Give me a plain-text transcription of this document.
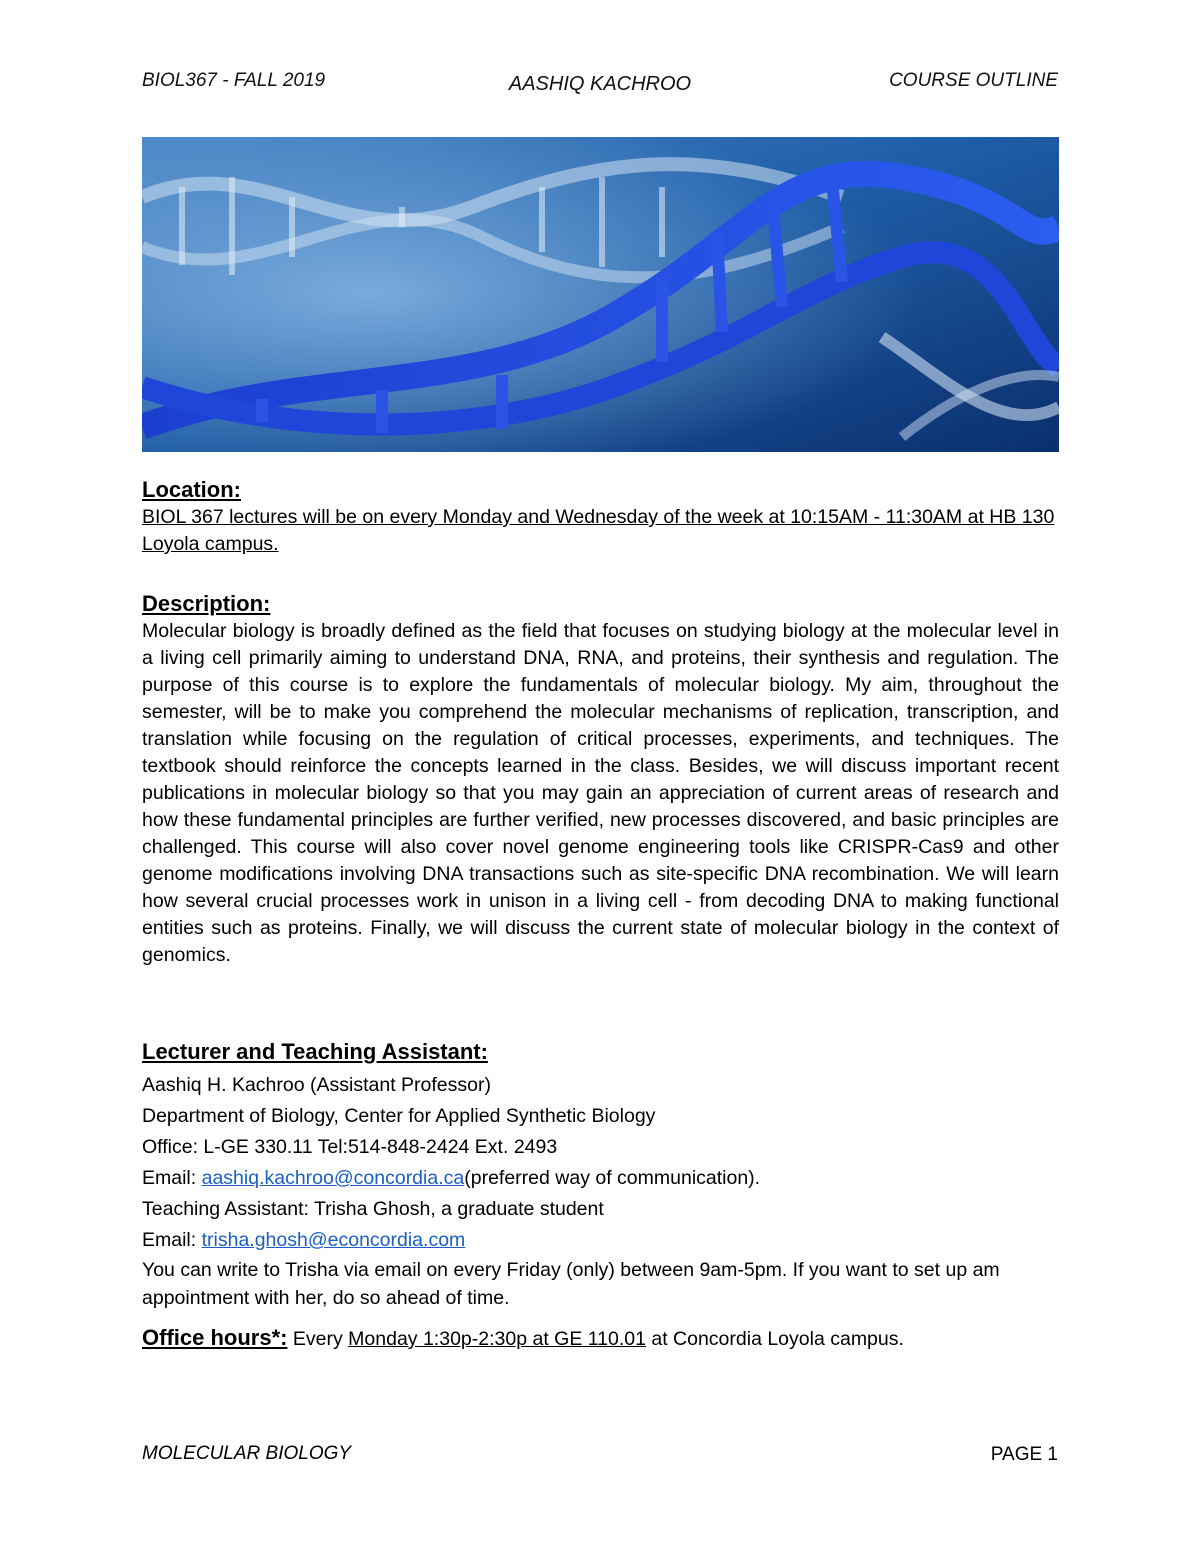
BIOL367 - FALL 2019	AASHIQ KACHROO	COURSE OUTLINE
Location:
BIOL 367 lectures will be on every Monday and Wednesday of the week at 10:15AM - 11:30AM at HB 130 Loyola campus.
Description:
Molecular biology is broadly defined as the field that focuses on studying biology at the molecular level in a living cell primarily aiming to understand DNA, RNA, and proteins, their synthesis and regulation. The purpose of this course is to explore the fundamentals of molecular biology. My aim, throughout the semester, will be to make you comprehend the molecular mechanisms of replication, transcription, and translation while focusing on the regulation of critical processes, experiments, and techniques. The textbook should reinforce the concepts learned in the class. Besides, we will discuss important recent publications in molecular biology so that you may gain an appreciation of current areas of research and how these fundamental principles are further verified, new processes discovered, and basic principles are challenged. This course will also cover novel genome engineering tools like CRISPR-Cas9 and other genome modifications involving DNA transactions such as site-specific DNA recombination. We will learn how several crucial processes work in unison in a living cell - from decoding DNA to making functional entities such as proteins. Finally, we will discuss the current state of molecular biology in the context of genomics.
Lecturer and Teaching Assistant:
Aashiq H. Kachroo (Assistant Professor)
Department of Biology, Center for Applied Synthetic Biology
Office: L-GE 330.11 Tel:514-848-2424 Ext. 2493
Email: aashiq.kachroo@concordia.ca(preferred way of communication).
Teaching Assistant: Trisha Ghosh, a graduate student
Email: trisha.ghosh@econcordia.com
You can write to Trisha via email on every Friday (only) between 9am-5pm. If you want to set up am appointment with her, do so ahead of time.
Office hours*: Every Monday 1:30p-2:30p at GE 110.01 at Concordia Loyola campus.
MOLECULAR BIOLOGY	PAGE 1
